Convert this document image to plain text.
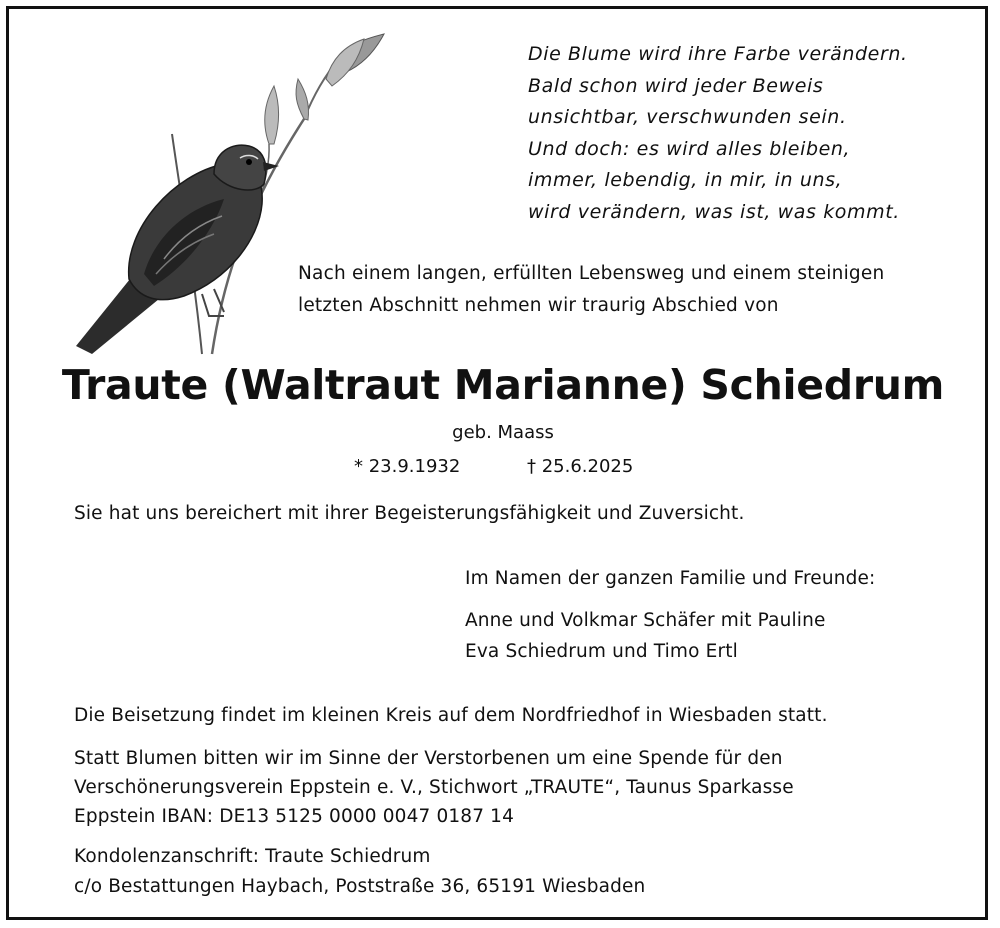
Die Blume wird ihre Farbe verändern.
Bald schon wird jeder Beweis
unsichtbar, verschwunden sein.
Und doch: es wird alles bleiben,
immer, lebendig, in mir, in uns,
wird verändern, was ist, was kommt.
Nach einem langen, erfüllten Lebensweg und einem steinigen
letzten Abschnitt nehmen wir traurig Abschied von
Traute (Waltraut Marianne) Schiedrum
geb. Maass
* 23.9.1932	† 25.6.2025
Sie hat uns bereichert mit ihrer Begeisterungsfähigkeit und Zuversicht.
Im Namen der ganzen Familie und Freunde:
Anne und Volkmar Schäfer mit Pauline
Eva Schiedrum und Timo Ertl
Die Beisetzung findet im kleinen Kreis auf dem Nordfriedhof in Wiesbaden statt.
Statt Blumen bitten wir im Sinne der Verstorbenen um eine Spende für den
Verschönerungsverein Eppstein e. V., Stichwort „TRAUTE“, Taunus Sparkasse
Eppstein IBAN: DE13 5125 0000 0047 0187 14
Kondolenzanschrift: Traute Schiedrum
c/o Bestattungen Haybach, Poststraße 36, 65191 Wiesbaden
